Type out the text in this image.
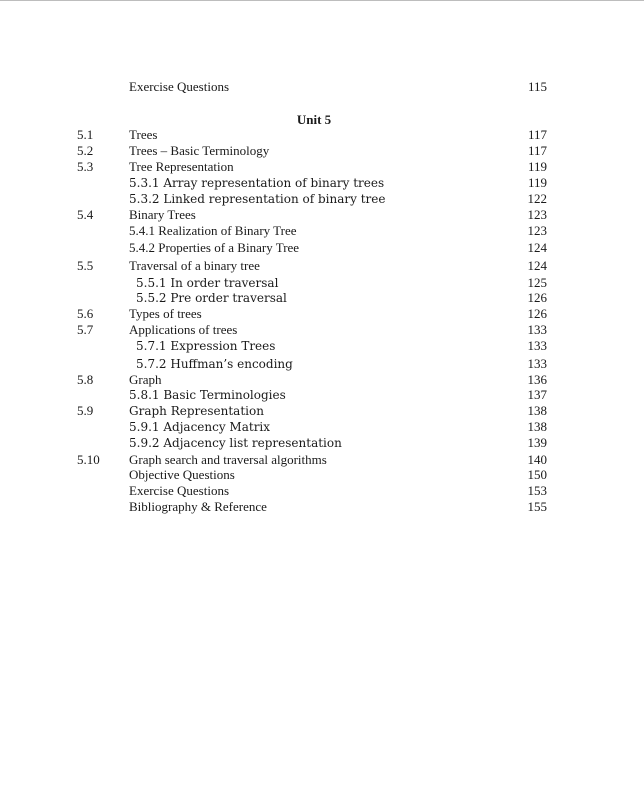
Exercise Questions	115
Unit 5
5.1	Trees	117
5.2	Trees – Basic Terminology	117
5.3	Tree Representation	119
5.3.1 Array representation of binary trees	119
5.3.2 Linked representation of binary tree	122
5.4	Binary Trees	123
5.4.1 Realization of Binary Tree	123
5.4.2 Properties of a Binary Tree	124
5.5	Traversal of a binary tree	124
5.5.1 In order traversal	125
5.5.2 Pre order traversal	126
5.6	Types of trees	126
5.7	Applications of trees	133
5.7.1 Expression Trees	133
5.7.2 Huffman’s encoding	133
5.8	Graph	136
5.8.1 Basic Terminologies	137
5.9	Graph Representation	138
5.9.1 Adjacency Matrix	138
5.9.2 Adjacency list representation	139
5.10 Graph search and traversal algorithms	140
Objective Questions	150
Exercise Questions	153
Bibliography & Reference	155
